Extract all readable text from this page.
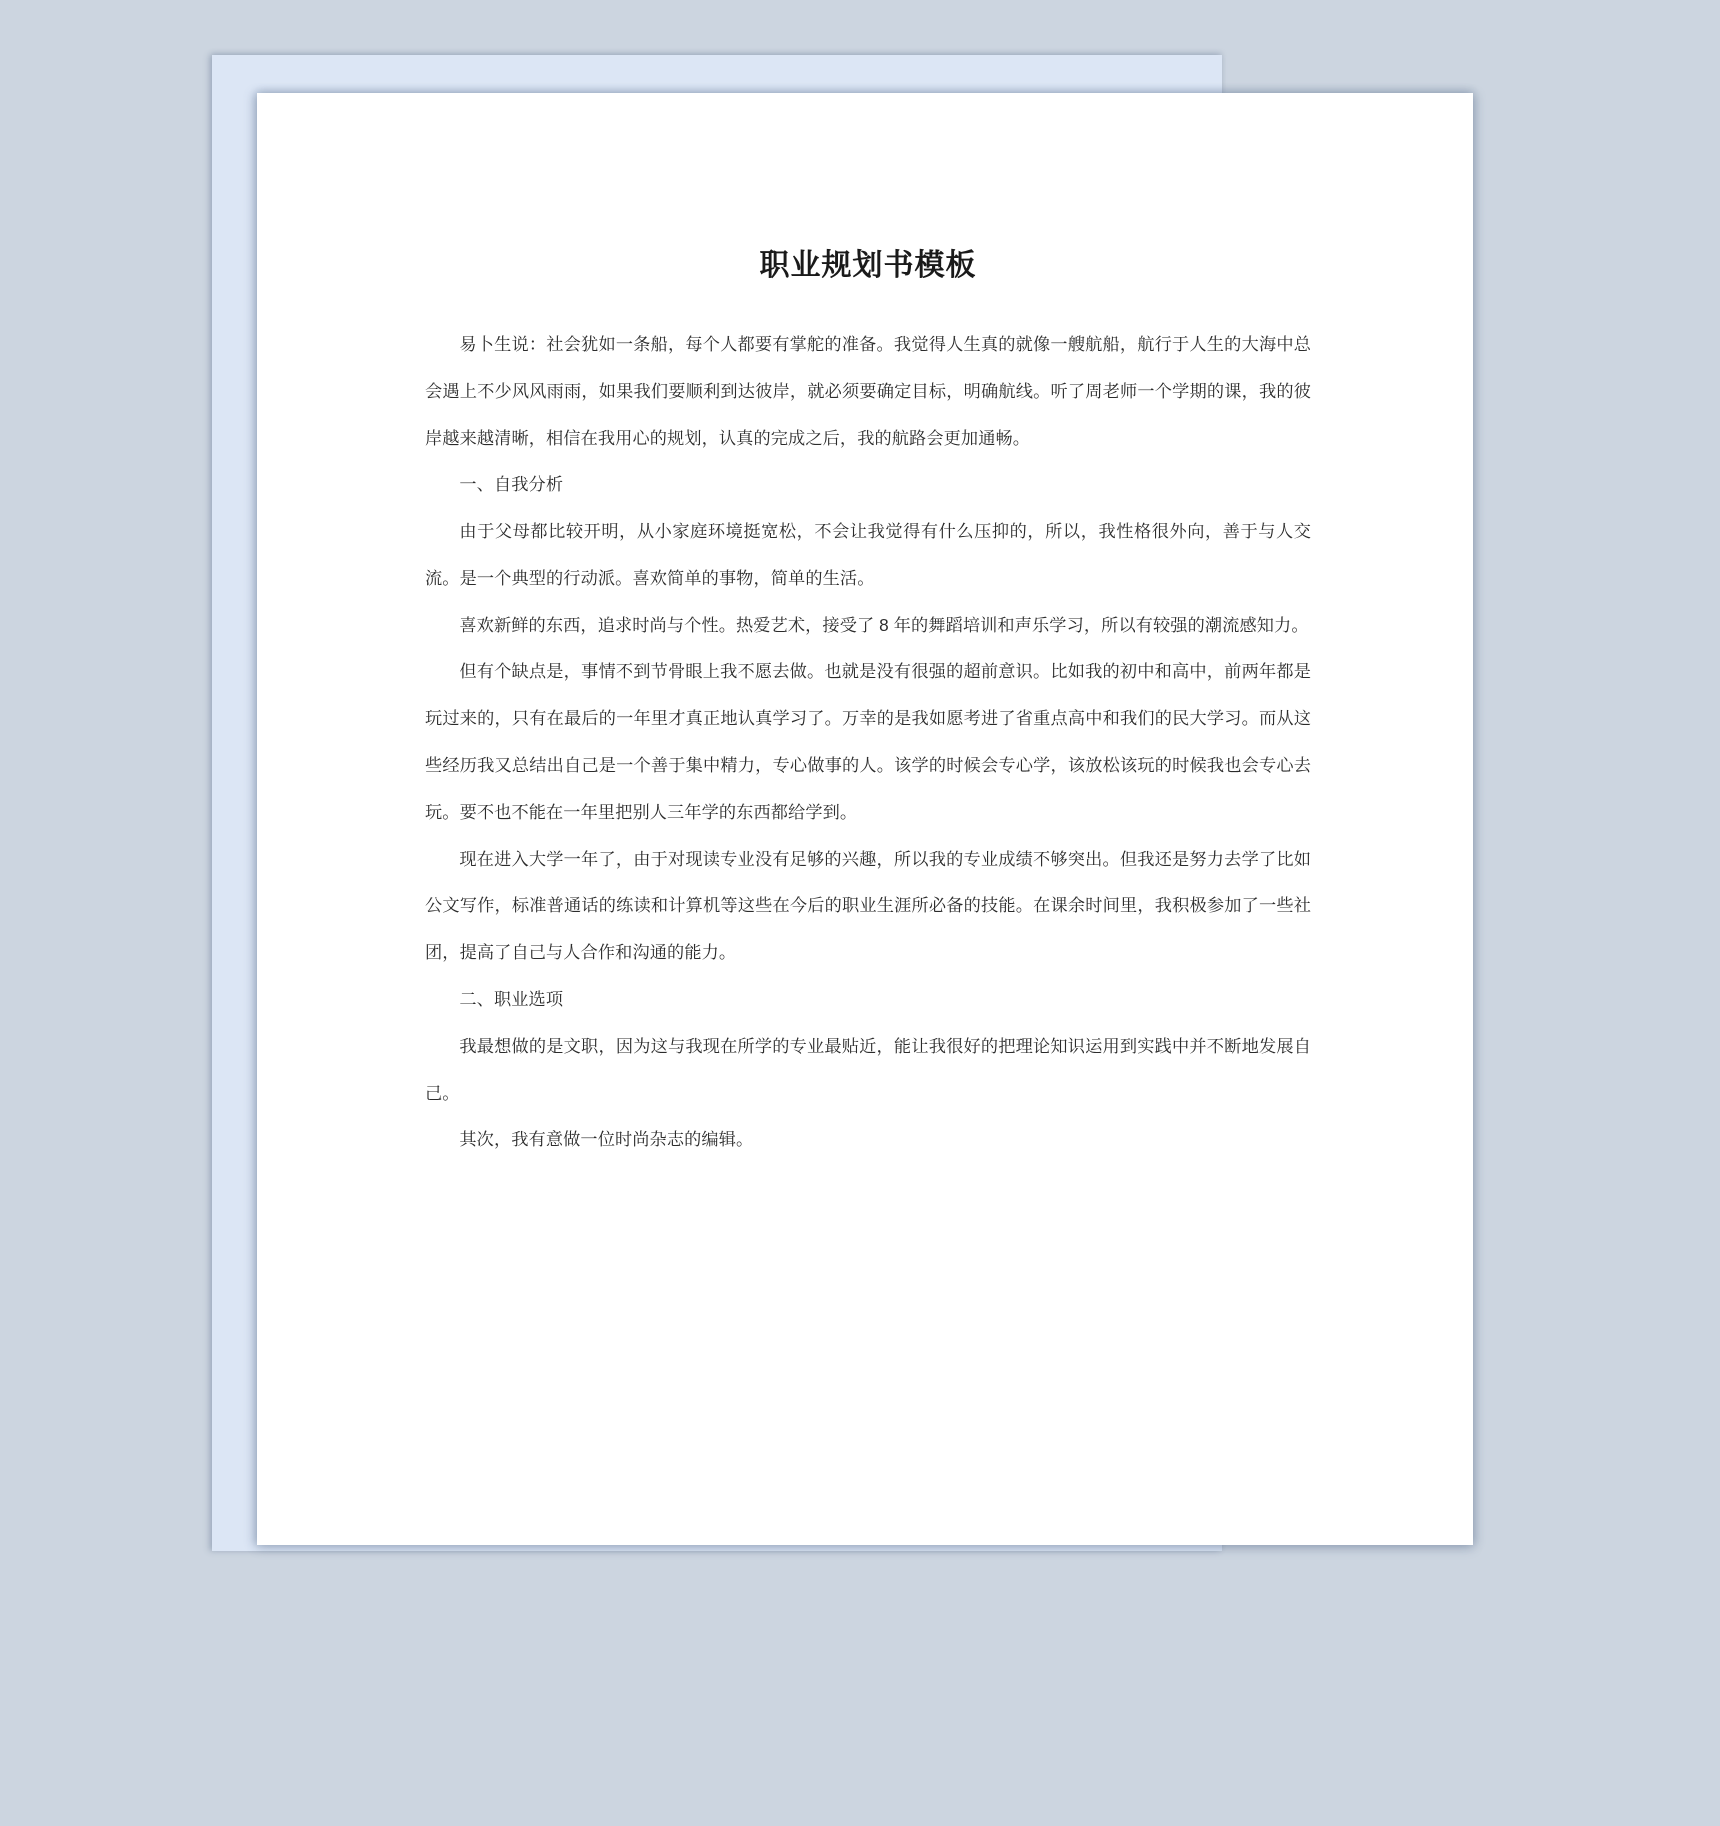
职业规划书模板

易卜生说：社会犹如一条船，每个人都要有掌舵的准备。我觉得人生真的就像一艘航船，航行于人生的大海中总会遇上不少风风雨雨，如果我们要顺利到达彼岸，就必须要确定目标，明确航线。听了周老师一个学期的课，我的彼岸越来越清晰，相信在我用心的规划，认真的完成之后，我的航路会更加通畅。

一、自我分析

由于父母都比较开明，从小家庭环境挺宽松，不会让我觉得有什么压抑的，所以，我性格很外向，善于与人交流。是一个典型的行动派。喜欢简单的事物，简单的生活。

喜欢新鲜的东西，追求时尚与个性。热爱艺术，接受了 8 年的舞蹈培训和声乐学习，所以有较强的潮流感知力。

但有个缺点是，事情不到节骨眼上我不愿去做。也就是没有很强的超前意识。比如我的初中和高中，前两年都是玩过来的，只有在最后的一年里才真正地认真学习了。万幸的是我如愿考进了省重点高中和我们的民大学习。而从这些经历我又总结出自己是一个善于集中精力，专心做事的人。该学的时候会专心学，该放松该玩的时候我也会专心去玩。要不也不能在一年里把别人三年学的东西都给学到。

现在进入大学一年了，由于对现读专业没有足够的兴趣，所以我的专业成绩不够突出。但我还是努力去学了比如公文写作，标准普通话的练读和计算机等这些在今后的职业生涯所必备的技能。在课余时间里，我积极参加了一些社团，提高了自己与人合作和沟通的能力。

二、职业选项

我最想做的是文职，因为这与我现在所学的专业最贴近，能让我很好的把理论知识运用到实践中并不断地发展自己。

其次，我有意做一位时尚杂志的编辑。
